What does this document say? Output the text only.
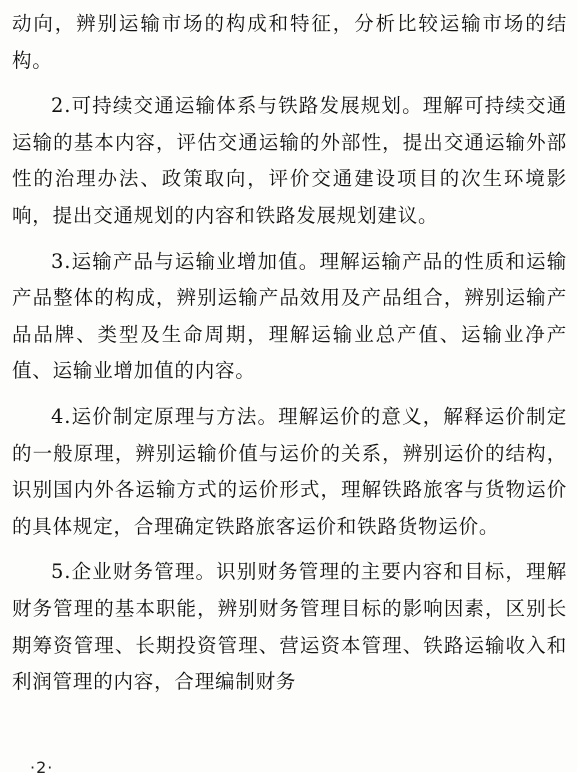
动向，辨别运输市场的构成和特征，分析比较运输市场的结构。

2.可持续交通运输体系与铁路发展规划。理解可持续交通运输的基本内容，评估交通运输的外部性，提出交通运输外部性的治理办法、政策取向，评价交通建设项目的次生环境影响，提出交通规划的内容和铁路发展规划建议。

3.运输产品与运输业增加值。理解运输产品的性质和运输产品整体的构成，辨别运输产品效用及产品组合，辨别运输产品品牌、类型及生命周期，理解运输业总产值、运输业净产值、运输业增加值的内容。

4.运价制定原理与方法。理解运价的意义，解释运价制定的一般原理，辨别运输价值与运价的关系，辨别运价的结构，识别国内外各运输方式的运价形式，理解铁路旅客与货物运价的具体规定，合理确定铁路旅客运价和铁路货物运价。

5.企业财务管理。识别财务管理的主要内容和目标，理解财务管理的基本职能，辨别财务管理目标的影响因素，区别长期筹资管理、长期投资管理、营运资本管理、铁路运输收入和利润管理的内容，合理编制财务

·2·
